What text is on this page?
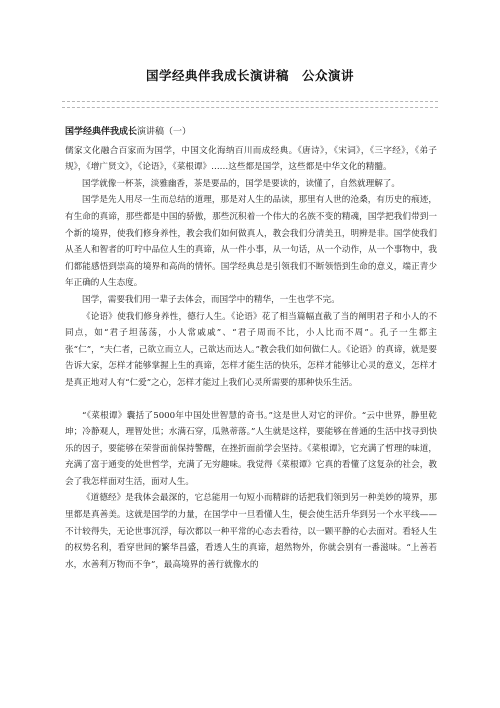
国学经典伴我成长演讲稿　公众演讲
国学经典伴我成长演讲稿（一）

儒家文化融合百家而为国学，中国文化海纳百川而成经典。《唐诗》，《宋词》，《三字经》，《弟子规》，《增广贤文》，《论语》，《菜根谭》……这些都是国学，这些都是中华文化的精髓。

国学就像一杯茶，淡雅幽香，茶是要品的，国学是要读的，读懂了，自然就理解了。

国学是先人用尽一生而总结的道理，那是对人生的品读，那里有人世的沧桑，有历史的痕迹，有生命的真谛，那些都是中国的骄傲，那些沉积着一个伟大的名族不变的精魂，国学把我们带到一个新的境界，使我们修身养性，教会我们如何做真人，教会我们分清美丑，明辨是非。国学使我们从圣人和智者的叮咛中品位人生的真谛，从一件小事，从一句话，从一个动作，从一个事物中，我们都能感悟到崇高的境界和高尚的情怀。国学经典总是引领我们不断领悟到生命的意义，端正青少年正确的人生态度。

国学，需要我们用一辈子去体会，而国学中的精华，一生也学不完。

《论语》使我们修身养性，德行人生。《论语》花了相当篇幅直截了当的阐明君子和小人的不同点，如“君子坦荡荡，小人常戚戚”、“君子周而不比，小人比而不周”。孔子一生都主张“仁”，“夫仁者，己欲立而立人，己欲达而达人。”教会我们如何做仁人。《论语》的真谛，就是要告诉大家，怎样才能够掌握上生的真谛，怎样才能生活的快乐，怎样才能够让心灵的意义，怎样才是真正地对人有“仁爱”之心，怎样才能过上我们心灵所需要的那种快乐生活。

“《菜根谭》囊括了5000年中国处世智慧的奇书。”这是世人对它的评价。“云中世界，静里乾坤；冷静观人，理智处世；水满石穿，瓜熟蒂落。”人生就是这样，要能够在普通的生活中找寻到快乐的因子，要能够在荣誉面前保持警醒，在挫折面前学会坚持。《菜根谭》，它充满了哲理的味道，充满了富于通变的处世哲学，充满了无穷趣味。我觉得《菜根谭》它真的看懂了这复杂的社会，教会了我怎样面对生活，面对人生。

《道德经》是我体会最深的，它总能用一句短小而精辟的话把我们领到另一种美妙的境界，那里都是真善美。这就是国学的力量，在国学中一旦看懂人生，便会使生活升华到另一个水平线——不计较得失，无论世事沉浮，每次都以一种平常的心态去看待，以一颗平静的心去面对。看轻人生的权势名利，看穿世间的繁华昌盛，看透人生的真谛，超然物外，你就会别有一番滋味。“上善若水，水善利万物而不争”，最高境界的善行就像水的
